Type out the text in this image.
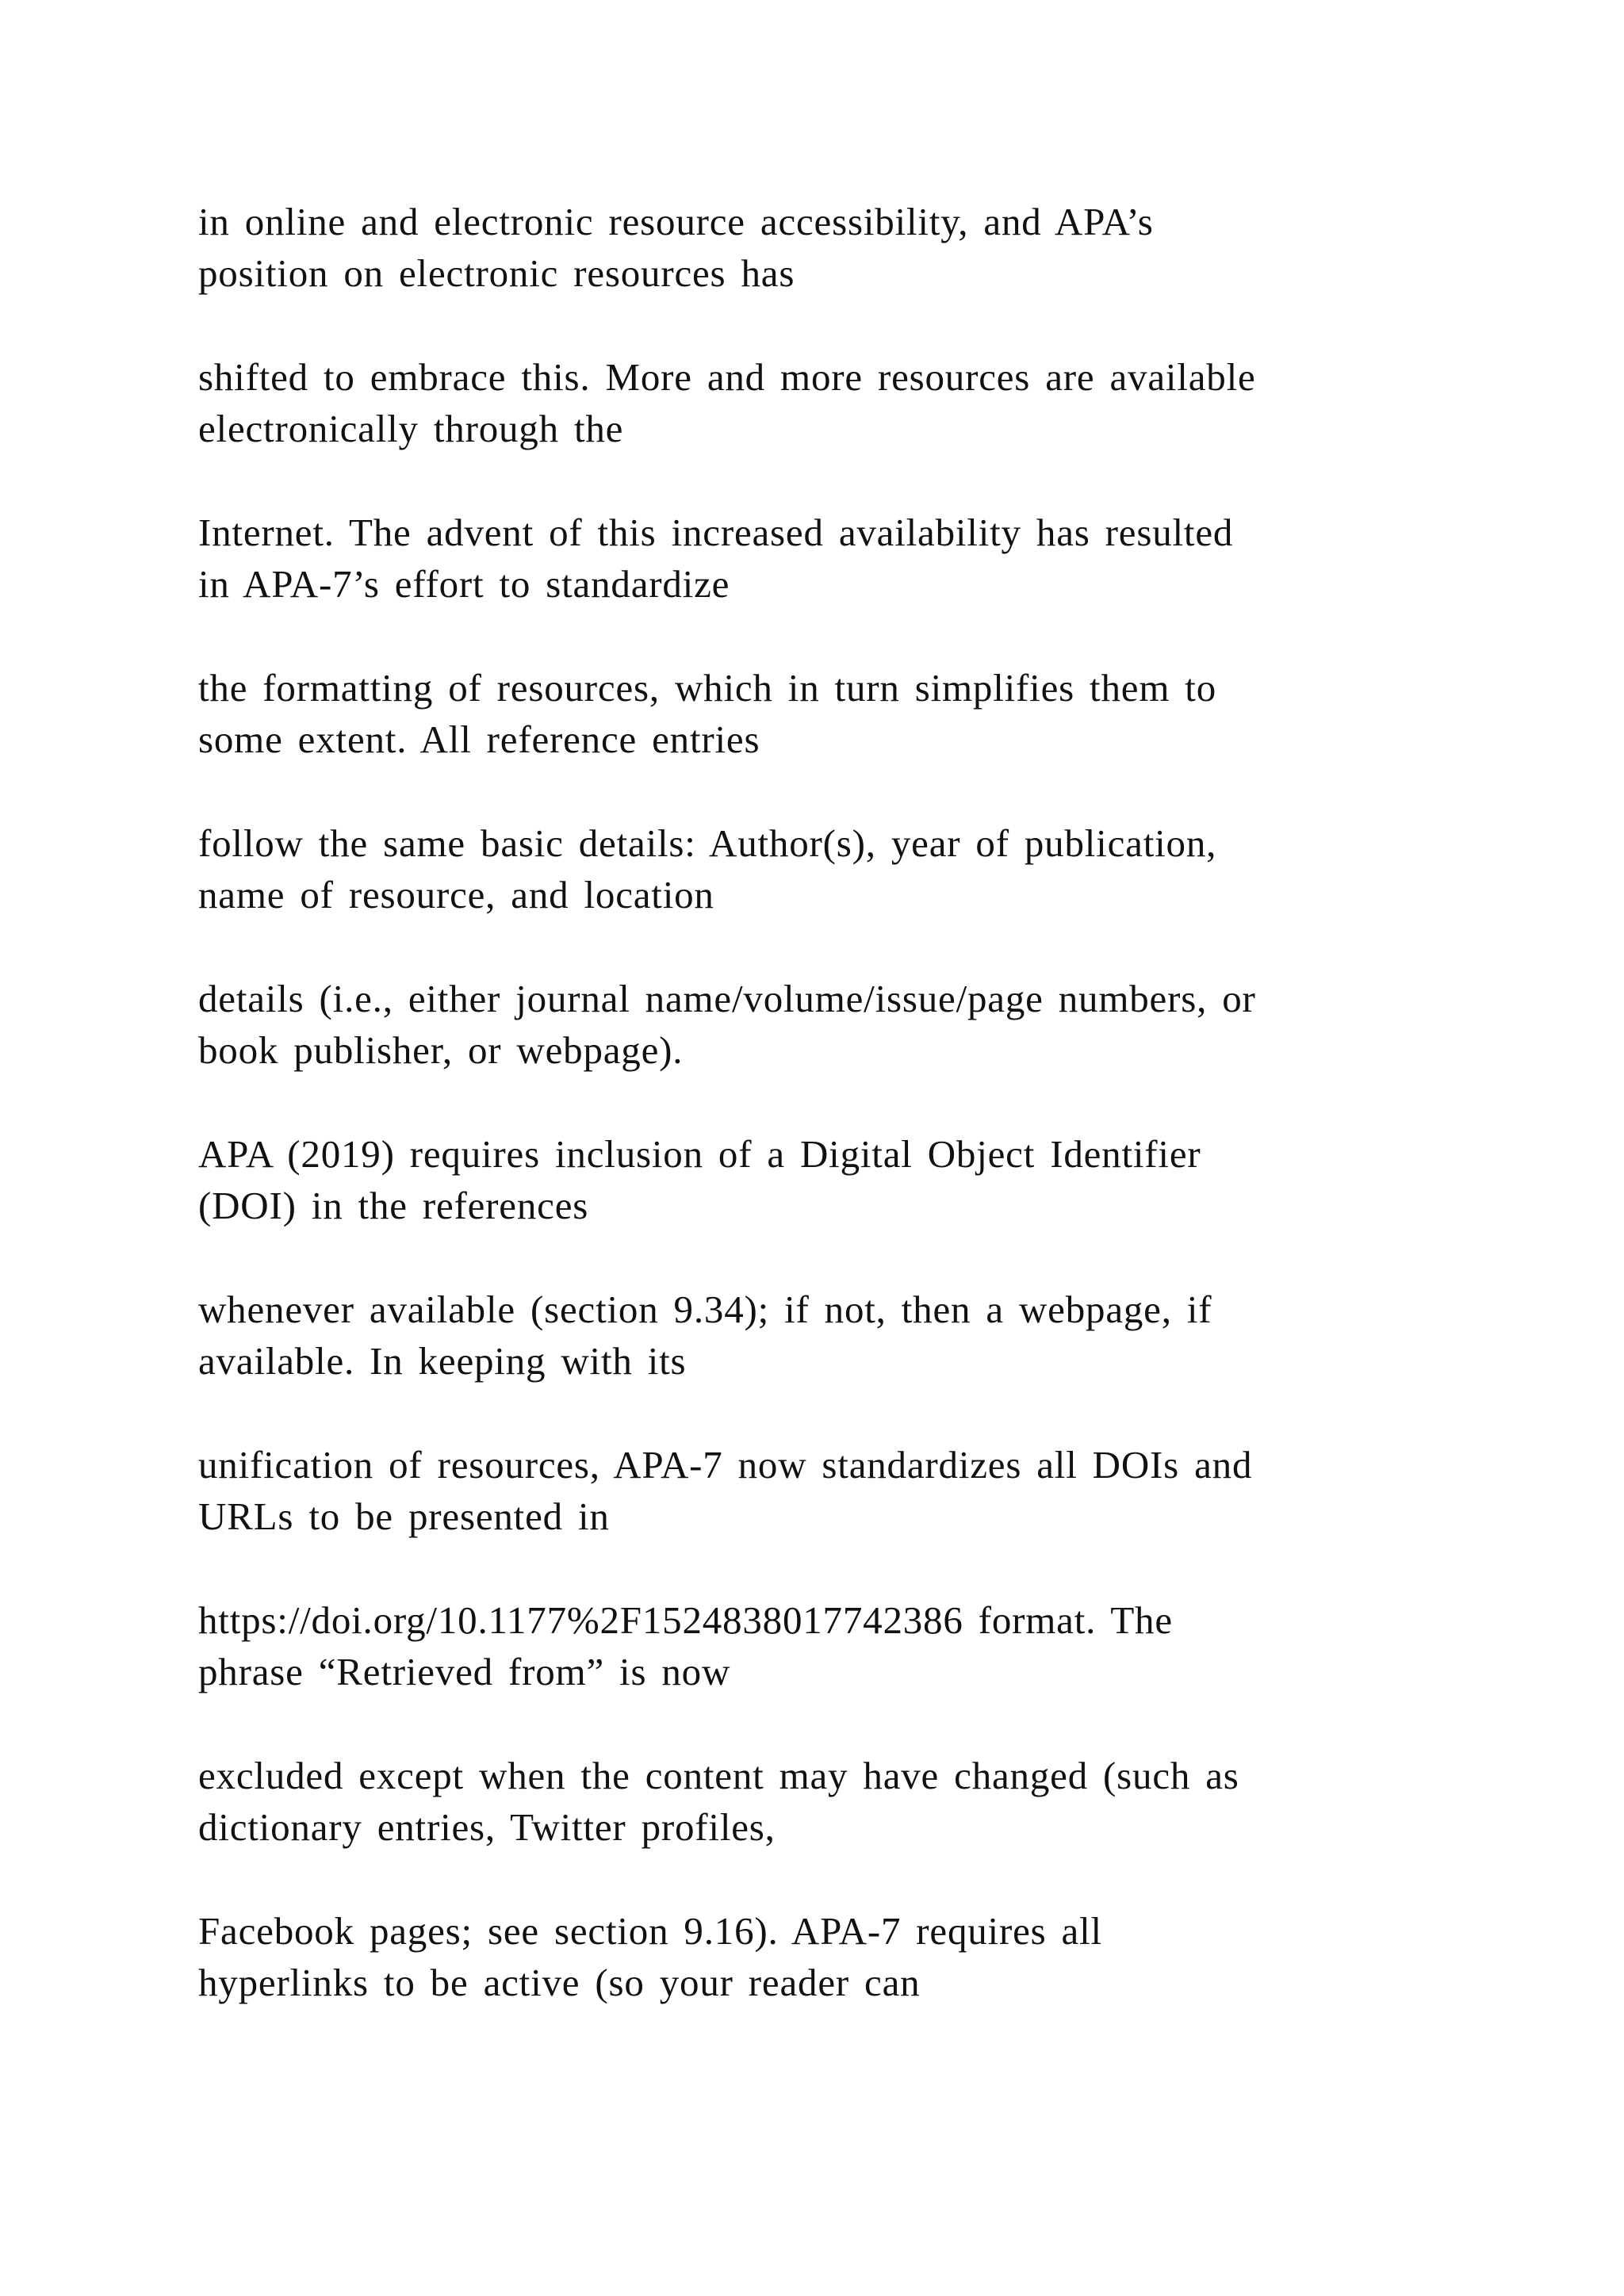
in online and electronic resource accessibility, and APA’s
position on electronic resources has
shifted to embrace this. More and more resources are available
electronically through the
Internet. The advent of this increased availability has resulted
in APA-7’s effort to standardize
the formatting of resources, which in turn simplifies them to
some extent. All reference entries
follow the same basic details: Author(s), year of publication,
name of resource, and location
details (i.e., either journal name/volume/issue/page numbers, or
book publisher, or webpage).
APA (2019) requires inclusion of a Digital Object Identifier
(DOI) in the references
whenever available (section 9.34); if not, then a webpage, if
available. In keeping with its
unification of resources, APA-7 now standardizes all DOIs and
URLs to be presented in
https://doi.org/10.1177%2F1524838017742386 format. The
phrase “Retrieved from” is now
excluded except when the content may have changed (such as
dictionary entries, Twitter profiles,
Facebook pages; see section 9.16). APA-7 requires all
hyperlinks to be active (so your reader can
